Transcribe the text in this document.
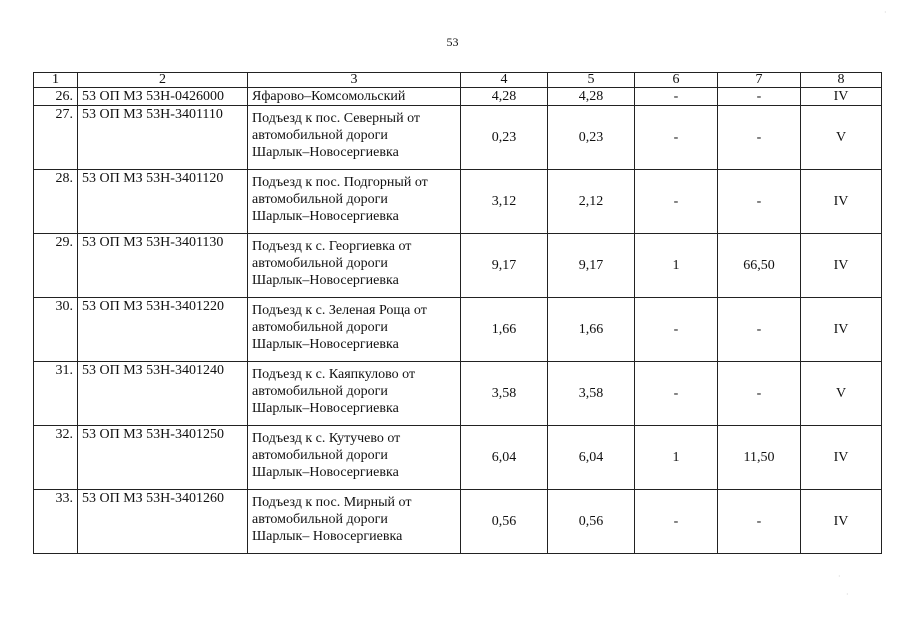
53
1	2	3	4	5	6	7	8
26.	53 ОП МЗ 53Н-0426000	Яфарово–Комсомольский	4,28	4,28	-	-	IV
27.	53 ОП МЗ 53Н-3401110	Подъезд к пос. Северный от
автомобильной дороги
Шарлык–Новосергиевка	0,23	0,23	-	-	V
28.	53 ОП МЗ 53Н-3401120	Подъезд к пос. Подгорный от
автомобильной дороги
Шарлык–Новосергиевка	3,12	2,12	-	-	IV
29.	53 ОП МЗ 53Н-3401130	Подъезд к с. Георгиевка от
автомобильной дороги
Шарлык–Новосергиевка	9,17	9,17	1	66,50	IV
30.	53 ОП МЗ 53Н-3401220	Подъезд к с. Зеленая Роща от
автомобильной дороги
Шарлык–Новосергиевка	1,66	1,66	-	-	IV
31.	53 ОП МЗ 53Н-3401240	Подъезд к с. Каяпкулово от
автомобильной дороги
Шарлык–Новосергиевка	3,58	3,58	-	-	V
32.	53 ОП МЗ 53Н-3401250	Подъезд к с. Кутучево от
автомобильной дороги
Шарлык–Новосергиевка	6,04	6,04	1	11,50	IV
33.	53 ОП МЗ 53Н-3401260	Подъезд к пос. Мирный от
автомобильной дороги
Шарлык– Новосергиевка	0,56	0,56	-	-	IV
·
·
·
